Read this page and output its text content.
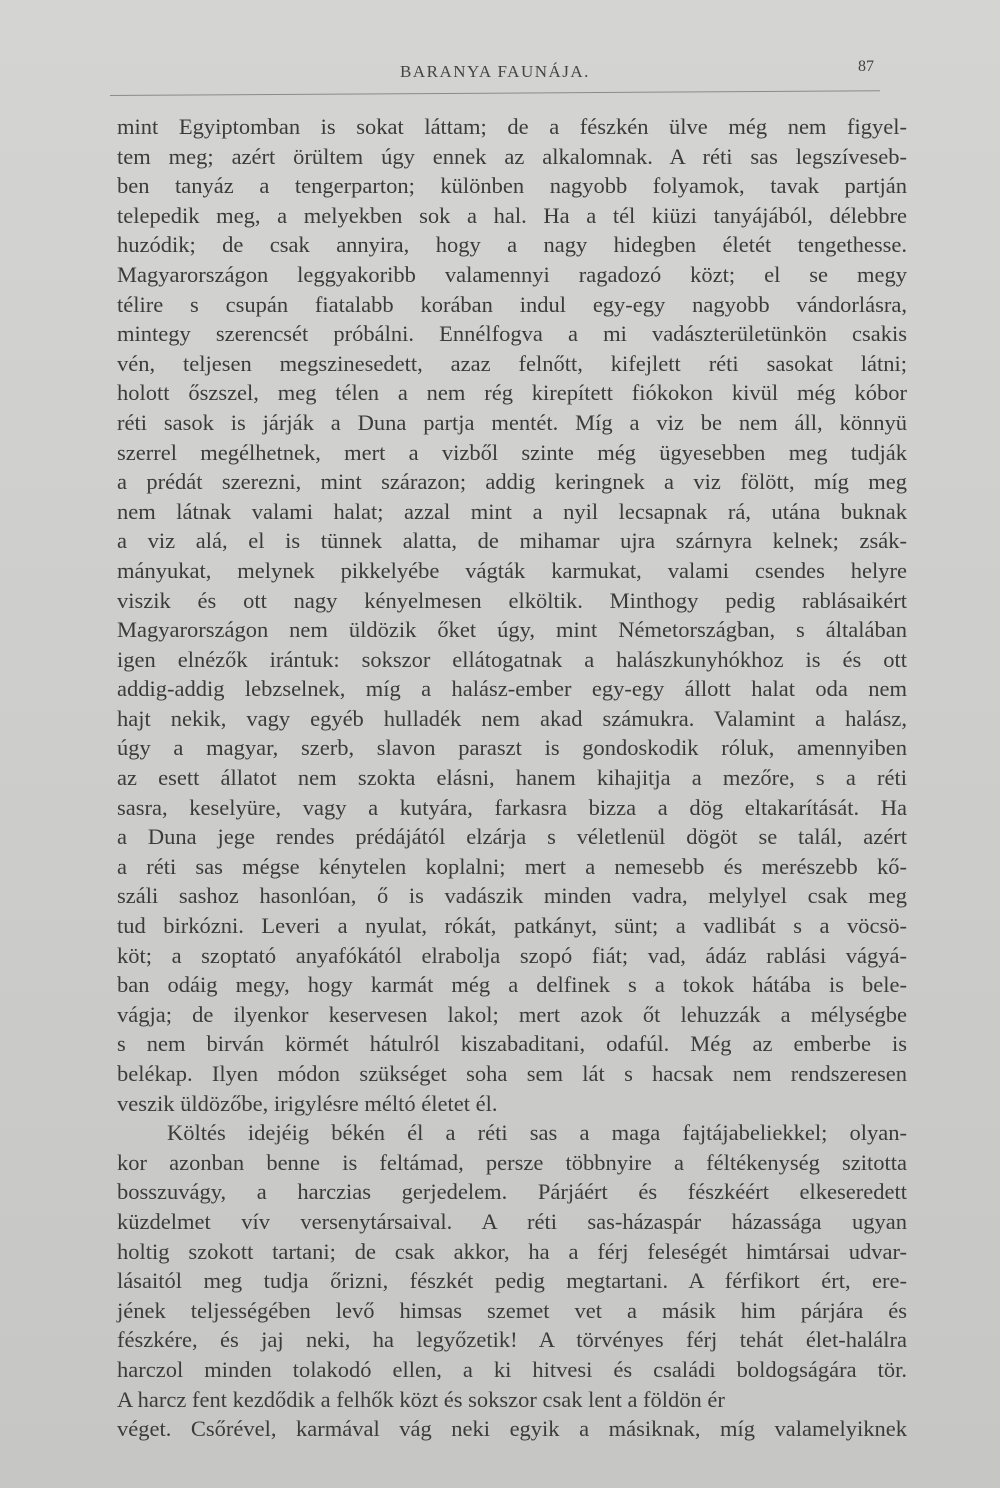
BARANYA FAUNÁJA.	87
mint Egyiptomban is sokat láttam; de a fészkén ülve még nem figyel-
tem meg; azért örültem úgy ennek az alkalomnak. A réti sas legszíveseb-
ben tanyáz a tengerparton; különben nagyobb folyamok, tavak partján
telepedik meg, a melyekben sok a hal. Ha a tél kiüzi tanyájából, délebbre
huzódik; de csak annyira, hogy a nagy hidegben életét tengethesse.
Magyarországon leggyakoribb valamennyi ragadozó közt; el se megy
télire s csupán fiatalabb korában indul egy-egy nagyobb vándorlásra,
mintegy szerencsét próbálni. Ennélfogva a mi vadászterületünkön csakis
vén, teljesen megszinesedett, azaz felnőtt, kifejlett réti sasokat látni;
holott őszszel, meg télen a nem rég kirepített fiókokon kivül még kóbor
réti sasok is járják a Duna partja mentét. Míg a viz be nem áll, könnyü
szerrel megélhetnek, mert a vizből szinte még ügyesebben meg tudják
a prédát szerezni, mint szárazon; addig keringnek a viz fölött, míg meg
nem látnak valami halat; azzal mint a nyil lecsapnak rá, utána buknak
a viz alá, el is tünnek alatta, de mihamar ujra szárnyra kelnek; zsák-
mányukat, melynek pikkelyébe vágták karmukat, valami csendes helyre
viszik és ott nagy kényelmesen elköltik. Minthogy pedig rablásaikért
Magyarországon nem üldözik őket úgy, mint Németországban, s általában
igen elnézők irántuk: sokszor ellátogatnak a halászkunyhókhoz is és ott
addig-addig lebzselnek, míg a halász-ember egy-egy állott halat oda nem
hajt nekik, vagy egyéb hulladék nem akad számukra. Valamint a halász,
úgy a magyar, szerb, slavon paraszt is gondoskodik róluk, amennyiben
az esett állatot nem szokta elásni, hanem kihajitja a mezőre, s a réti
sasra, keselyüre, vagy a kutyára, farkasra bizza a dög eltakarítását. Ha
a Duna jege rendes prédájától elzárja s véletlenül dögöt se talál, azért
a réti sas mégse kénytelen koplalni; mert a nemesebb és merészebb kő-
száli sashoz hasonlóan, ő is vadászik minden vadra, melylyel csak meg
tud birkózni. Leveri a nyulat, rókát, patkányt, sünt; a vadlibát s a vöcsö-
köt; a szoptató anyafókától elrabolja szopó fiát; vad, ádáz rablási vágyá-
ban odáig megy, hogy karmát még a delfinek s a tokok hátába is bele-
vágja; de ilyenkor keservesen lakol; mert azok őt lehuzzák a mélységbe
s nem birván körmét hátulról kiszabaditani, odafúl. Még az emberbe is
belékap. Ilyen módon szükséget soha sem lát s hacsak nem rendszeresen
veszik üldözőbe, irigylésre méltó életet él.
Költés idejéig békén él a réti sas a maga fajtájabeliekkel; olyan-
kor azonban benne is feltámad, persze többnyire a féltékenység szitotta
bosszuvágy, a harczias gerjedelem. Párjáért és fészkéért elkeseredett
küzdelmet vív versenytársaival. A réti sas-házaspár házassága ugyan
holtig szokott tartani; de csak akkor, ha a férj feleségét himtársai udvar-
lásaitól meg tudja őrizni, fészkét pedig megtartani. A férfikort ért, ere-
jének teljességében levő himsas szemet vet a másik him párjára és
fészkére, és jaj neki, ha legyőzetik! A törvényes férj tehát élet-halálra
harczol minden tolakodó ellen, a ki hitvesi és családi boldogságára tör.
A harcz fent kezdődik a felhők közt és sokszor csak lent a földön ér
véget. Csőrével, karmával vág neki egyik a másiknak, míg valamelyiknek
